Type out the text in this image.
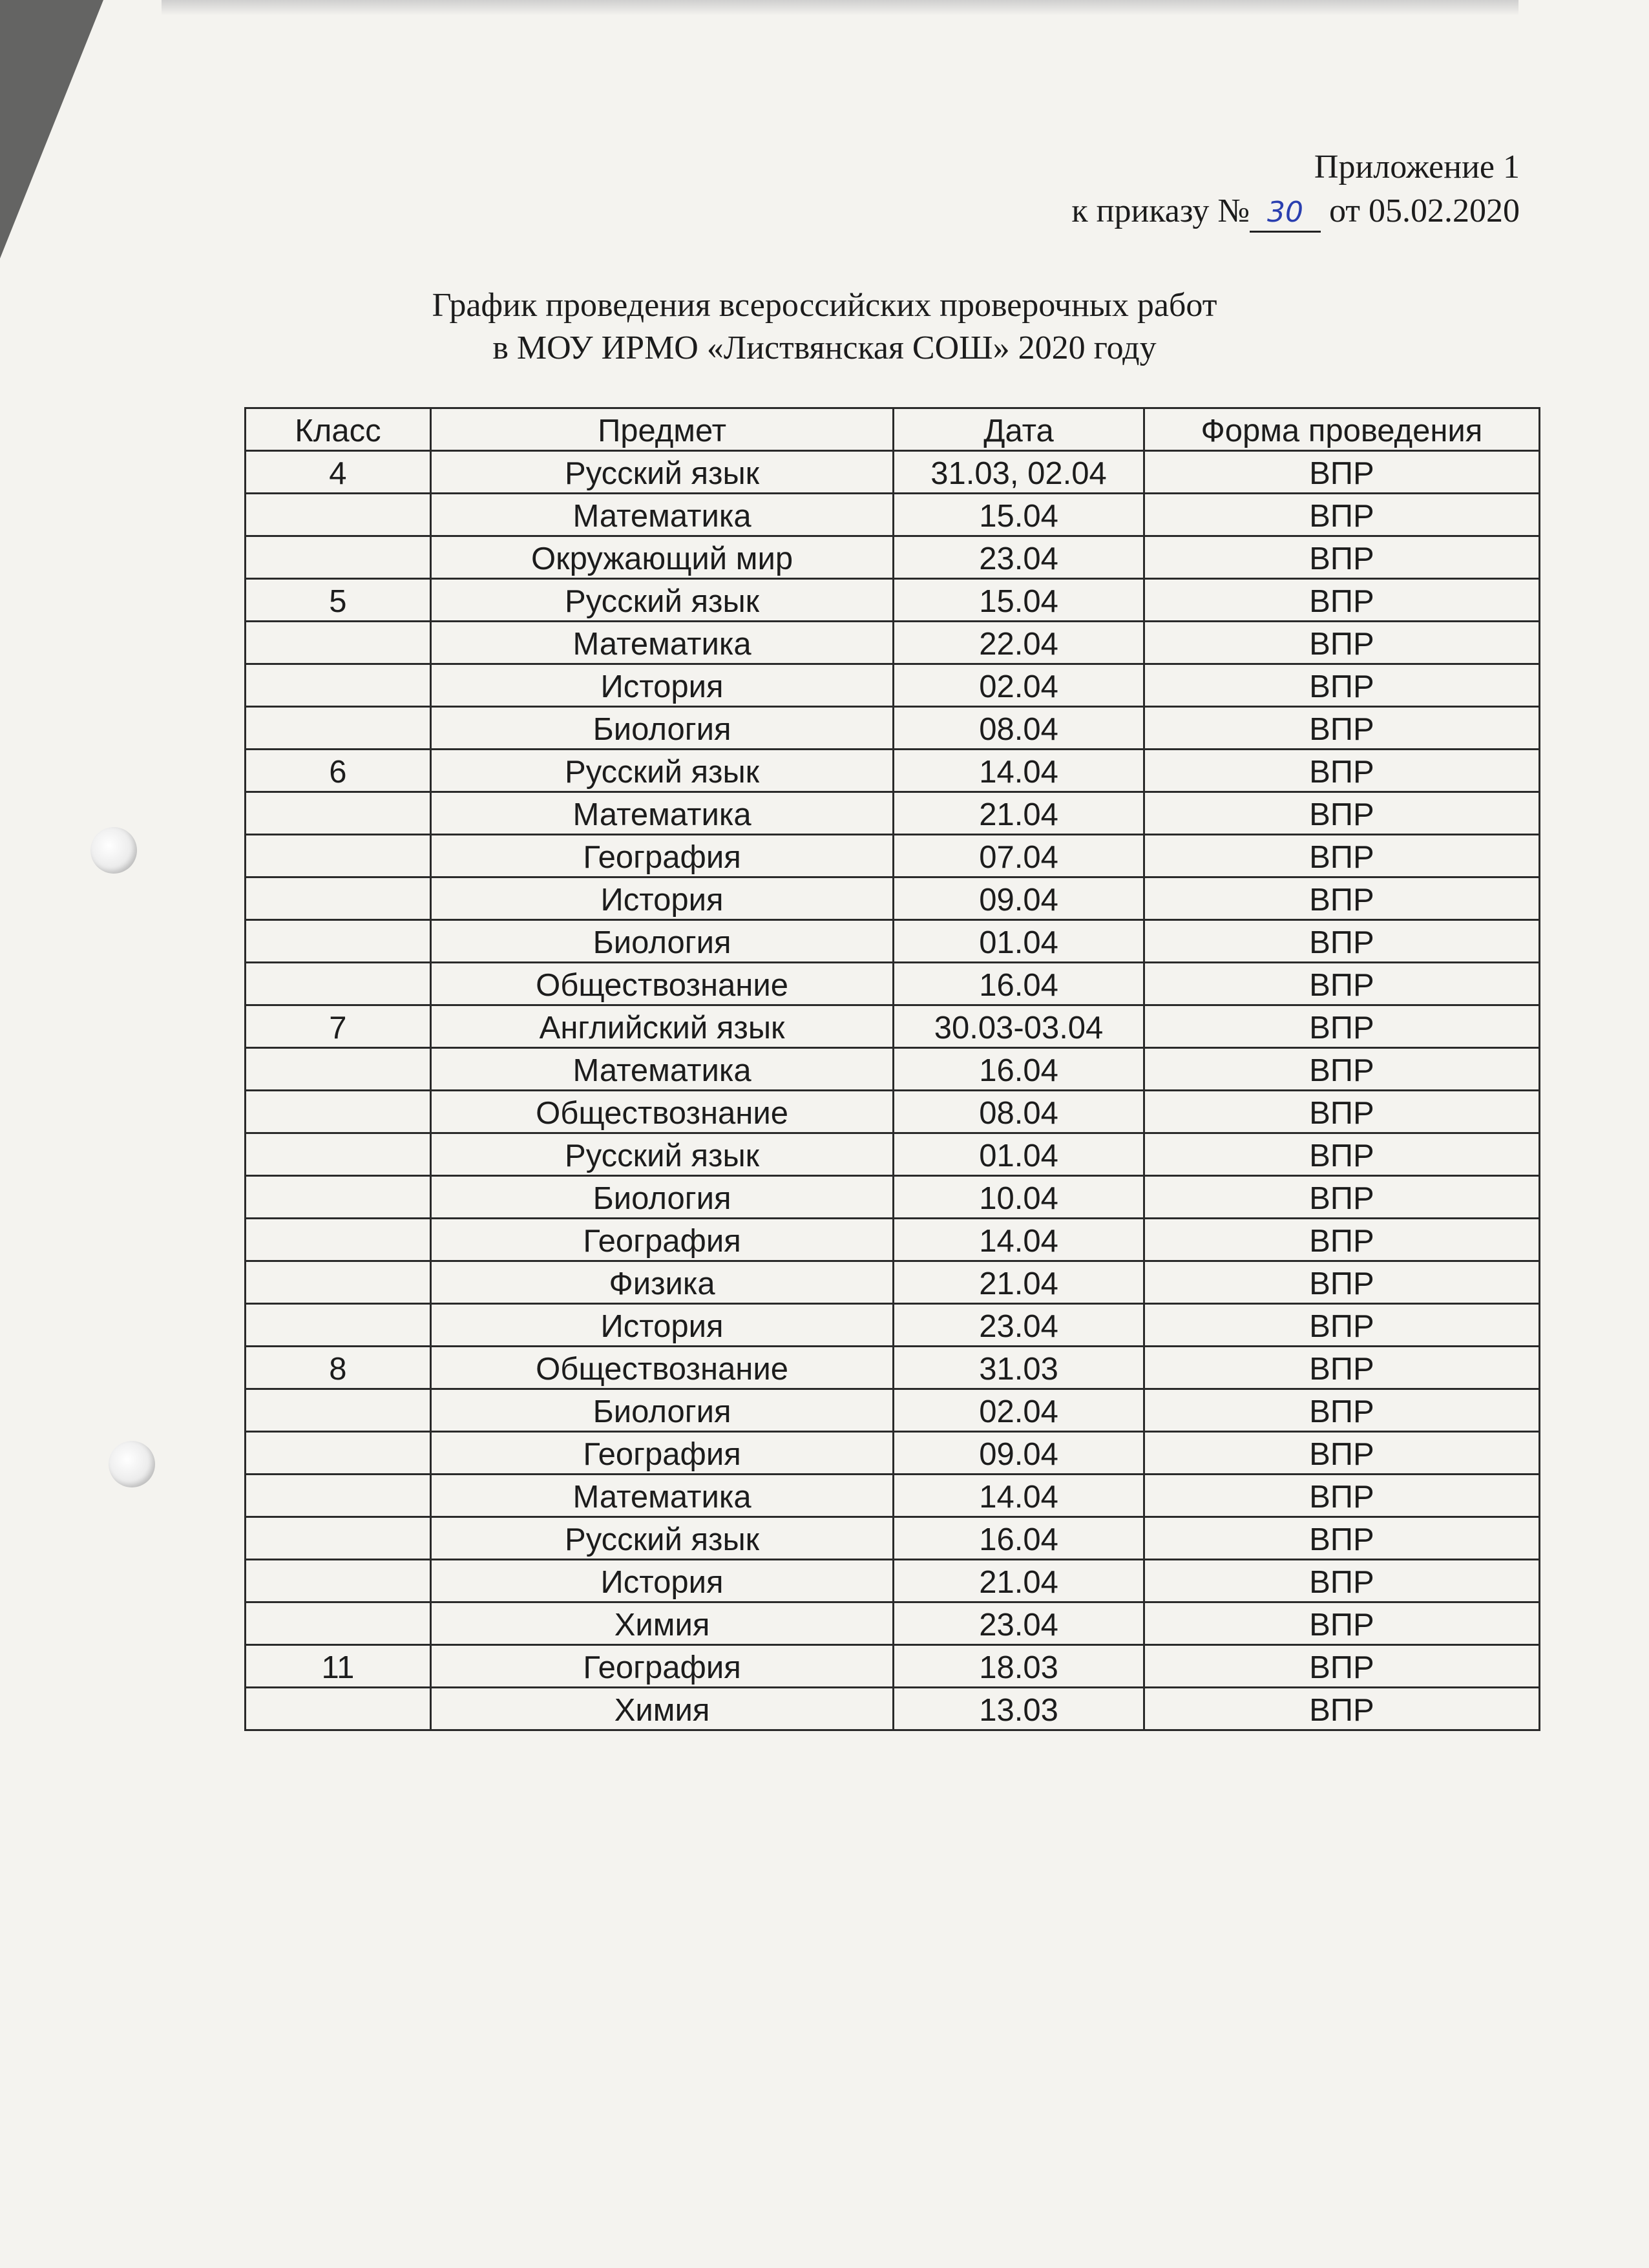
Приложение 1
к приказу № 30 от 05.02.2020
График проведения всероссийских проверочных работ
в МОУ ИРМО «Листвянская СОШ» 2020 году
Класс	Предмет	Дата	Форма проведения
4	Русский язык	31.03, 02.04	ВПР
	Математика	15.04	ВПР
	Окружающий мир	23.04	ВПР
5	Русский язык	15.04	ВПР
	Математика	22.04	ВПР
	История	02.04	ВПР
	Биология	08.04	ВПР
6	Русский язык	14.04	ВПР
	Математика	21.04	ВПР
	География	07.04	ВПР
	История	09.04	ВПР
	Биология	01.04	ВПР
	Обществознание	16.04	ВПР
7	Английский язык	30.03-03.04	ВПР
	Математика	16.04	ВПР
	Обществознание	08.04	ВПР
	Русский язык	01.04	ВПР
	Биология	10.04	ВПР
	География	14.04	ВПР
	Физика	21.04	ВПР
	История	23.04	ВПР
8	Обществознание	31.03	ВПР
	Биология	02.04	ВПР
	География	09.04	ВПР
	Математика	14.04	ВПР
	Русский язык	16.04	ВПР
	История	21.04	ВПР
	Химия	23.04	ВПР
11	География	18.03	ВПР
	Химия	13.03	ВПР
